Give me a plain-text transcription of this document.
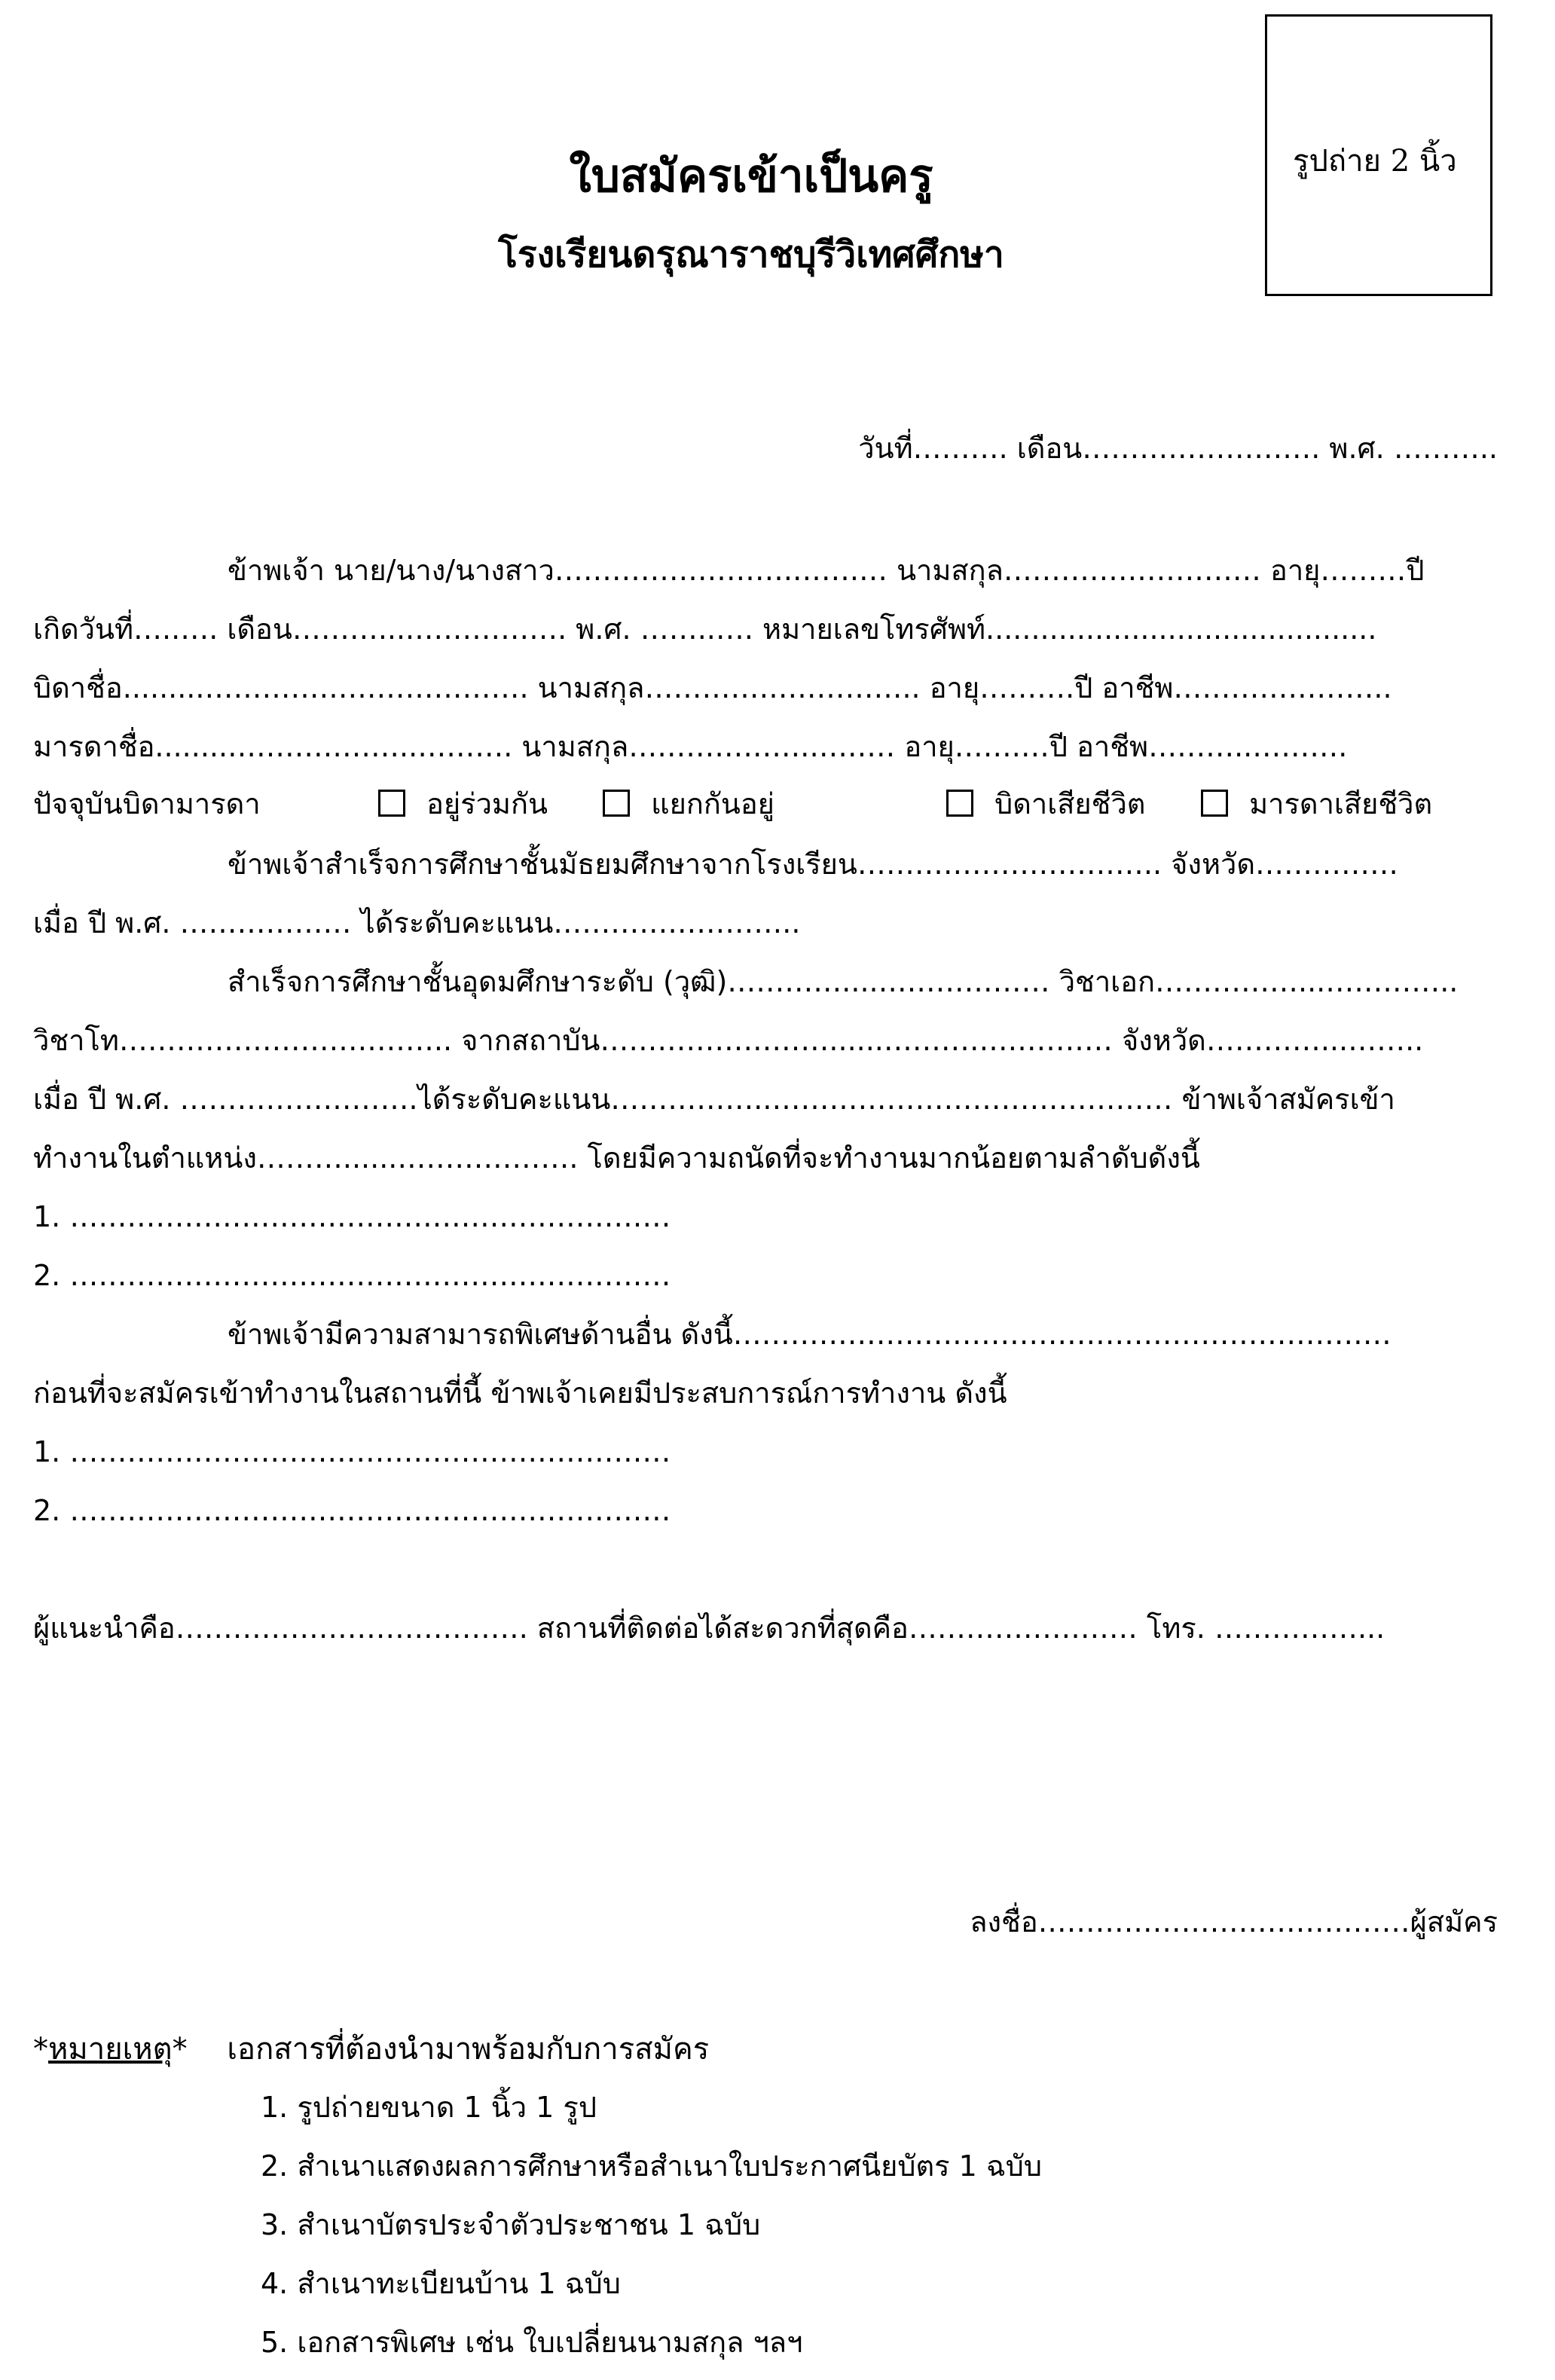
รูปถ่าย 2 นิ้ว
ใบสมัครเข้าเป็นครู
โรงเรียนดรุณาราชบุรีวิเทศศึกษา
วันที่………. เดือน……………………. พ.ศ. ………..
ข้าพเจ้า นาย/นาง/นางสาว…………………….…….… นามสกุล……………………… อายุ………ปี
เกิดวันที่…..…. เดือน………....……………. พ.ศ. ……..…. หมายเลขโทรศัพท์...........................................
บิดาชื่อ.........……………………………. นามสกุล……………………….. อายุ……….ปี อาชีพ…………………..
มารดาชื่อ........………………..………. นามสกุล……………….……… อายุ…….…ปี อาชีพ………..……….
ปัจจุบันบิดามารดา	อยู่ร่วมกัน	แยกกันอยู่	บิดาเสียชีวิต	มารดาเสียชีวิต
ข้าพเจ้าสำเร็จการศึกษาชั้นมัธยมศึกษาจากโรงเรียน………………………….. จังหวัด……………
เมื่อ ปี พ.ศ. ……………… ได้ระดับคะแนน……………………..
สำเร็จการศึกษาชั้นอุดมศึกษาระดับ (วุฒิ)…………....……………… วิชาเอก……………...…………..
วิชาโท…………………………….. จากสถาบัน……………………......…………………… จังหวัด…………...……..
เมื่อ ปี พ.ศ. …………………….ได้ระดับคะแนน……………..…………………………………… ข้าพเจ้าสมัครเข้า
ทำงานในตำแหน่ง………......………………. โดยมีความถนัดที่จะทำงานมากน้อยตามลำดับดังนี้
1. ………………………………………………………
2. ………………………………………………………
ข้าพเจ้ามีความสามารถพิเศษด้านอื่น ดังนี้……………………………………………………………
ก่อนที่จะสมัครเข้าทำงานในสถานที่นี้ ข้าพเจ้าเคยมีประสบการณ์การทำงาน ดังนี้
1. ………………………………………………………
2. ………………………………………………………
ผู้แนะนำคือ………………………………. สถานที่ติดต่อได้สะดวกที่สุดคือ…………………… โทร. ……………...
ลงชื่อ…………………………………ผู้สมัคร
*หมายเหตุ* เอกสารที่ต้องนำมาพร้อมกับการสมัคร
1. รูปถ่ายขนาด 1 นิ้ว 1 รูป
2. สำเนาแสดงผลการศึกษาหรือสำเนาใบประกาศนียบัตร 1 ฉบับ
3. สำเนาบัตรประจำตัวประชาชน 1 ฉบับ
4. สำเนาทะเบียนบ้าน 1 ฉบับ
5. เอกสารพิเศษ เช่น ใบเปลี่ยนนามสกุล ฯลฯ
